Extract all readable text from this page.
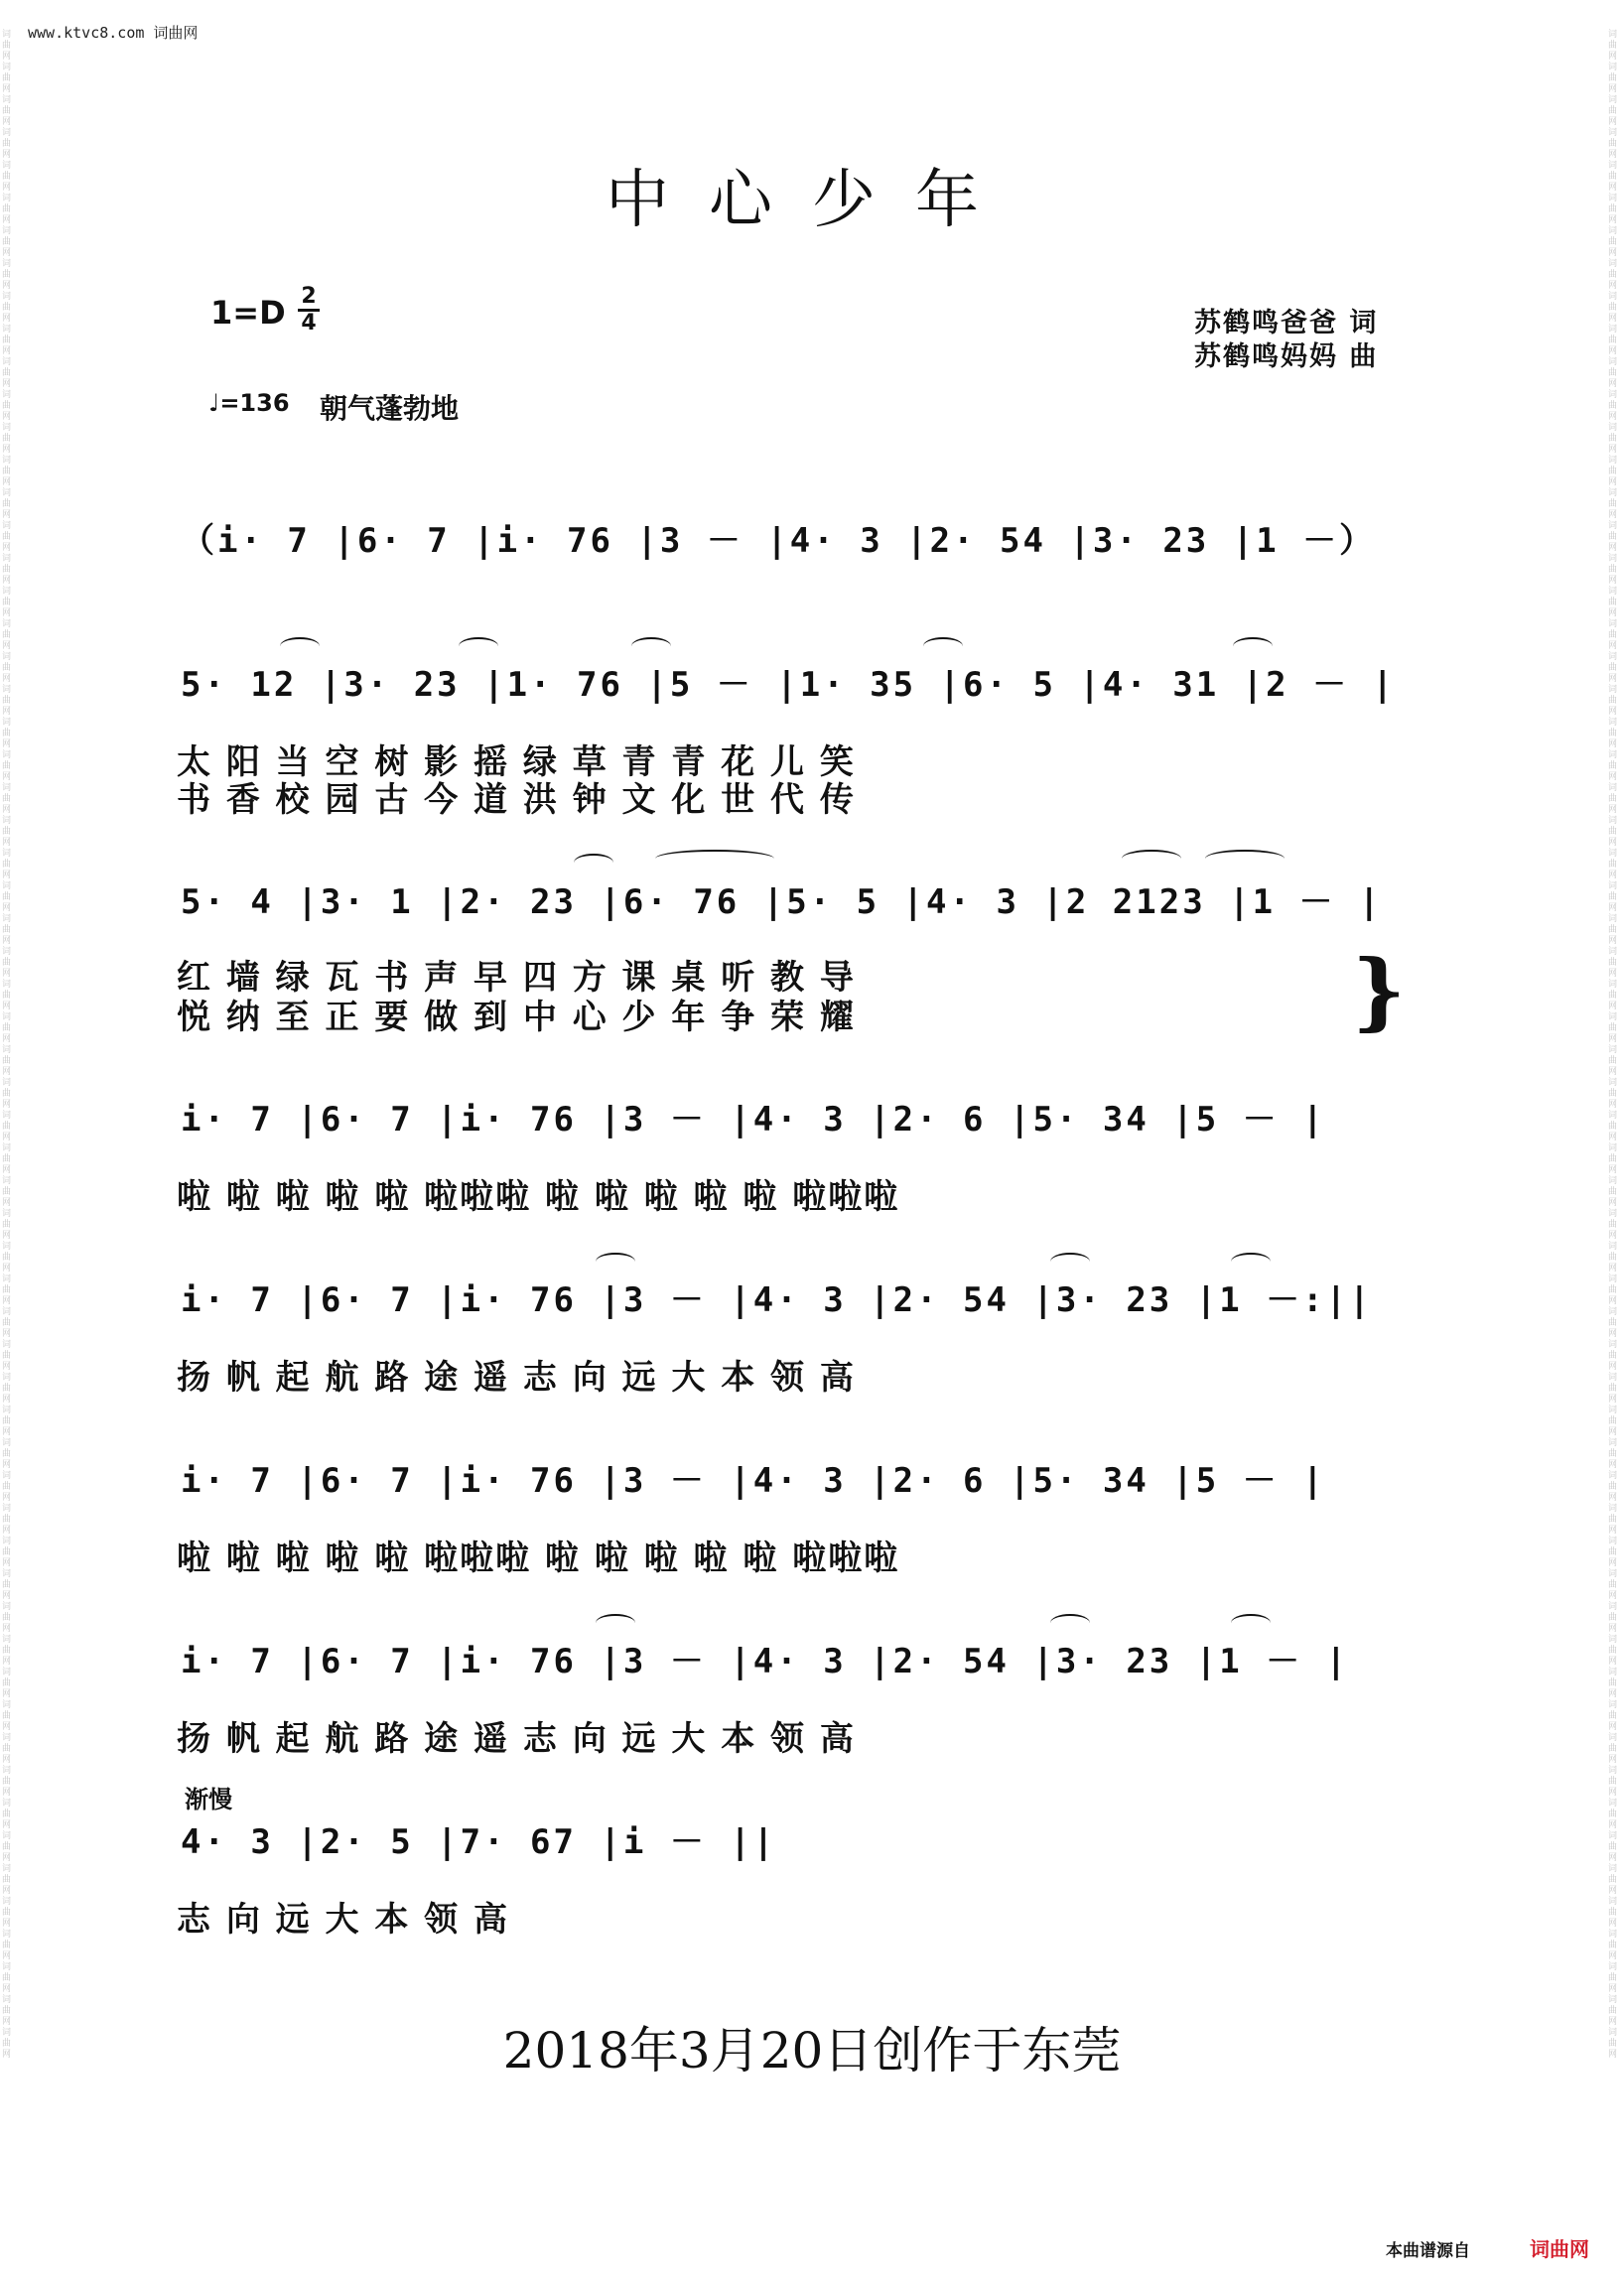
www.ktvc8.com 词曲网
词曲网词曲网词曲网词曲网词曲网词曲网词曲网词曲网词曲网词曲网词曲网词曲网词曲网词曲网词曲网词曲网词曲网词曲网词曲网词曲网词曲网词曲网词曲网词曲网词曲网词曲网词曲网词曲网词曲网词曲网词曲网词曲网词曲网词曲网词曲网词曲网词曲网词曲网词曲网词曲网词曲网词曲网词曲网词曲网词曲网词曲网词曲网词曲网词曲网词曲网词曲网词曲网词曲网词曲网词曲网词曲网词曲网词曲网词曲网词曲网词曲网词曲网
词曲网词曲网词曲网词曲网词曲网词曲网词曲网词曲网词曲网词曲网词曲网词曲网词曲网词曲网词曲网词曲网词曲网词曲网词曲网词曲网词曲网词曲网词曲网词曲网词曲网词曲网词曲网词曲网词曲网词曲网词曲网词曲网词曲网词曲网词曲网词曲网词曲网词曲网词曲网词曲网词曲网词曲网词曲网词曲网词曲网词曲网词曲网词曲网词曲网词曲网词曲网词曲网词曲网词曲网词曲网词曲网词曲网词曲网词曲网词曲网词曲网词曲网
中心少年
1=D 2
4	苏鹤鸣爸爸 词
苏鹤鸣妈妈 曲
♩=136 朝气蓬勃地
（i· 7 |6· 7 |i· 76 |3 － |4· 3 |2· 54 |3· 23 |1 －）
5· 12 |3· 23 |1· 76 |5 － |1· 35 |6· 5 |4· 31 |2 － |
太 阳 当 空 树 影 摇 绿 草 青 青 花 儿 笑
书 香 校 园 古 今 道 洪 钟 文 化 世 代 传
5· 4 |3· 1 |2· 23 |6· 76 |5· 5 |4· 3 |2 2123 |1 － |
红 墙 绿 瓦 书 声 早 四 方 课 桌 听 教 导
悦 纳 至 正 要 做 到 中 心 少 年 争 荣 耀	}
i· 7 |6· 7 |i· 76 |3 － |4· 3 |2· 6 |5· 34 |5 － |
啦 啦 啦 啦 啦 啦啦啦 啦 啦 啦 啦 啦 啦啦啦
i· 7 |6· 7 |i· 76 |3 － |4· 3 |2· 54 |3· 23 |1 －:||
扬 帆 起 航 路 途 遥 志 向 远 大 本 领 高
i· 7 |6· 7 |i· 76 |3 － |4· 3 |2· 6 |5· 34 |5 － |
啦 啦 啦 啦 啦 啦啦啦 啦 啦 啦 啦 啦 啦啦啦
i· 7 |6· 7 |i· 76 |3 － |4· 3 |2· 54 |3· 23 |1 － |
扬 帆 起 航 路 途 遥 志 向 远 大 本 领 高
渐慢
4· 3 |2· 5 |7· 67 |i － ||
志 向 远 大 本 领 高
2018年3月20日创作于东莞
本曲谱源自	词曲网
